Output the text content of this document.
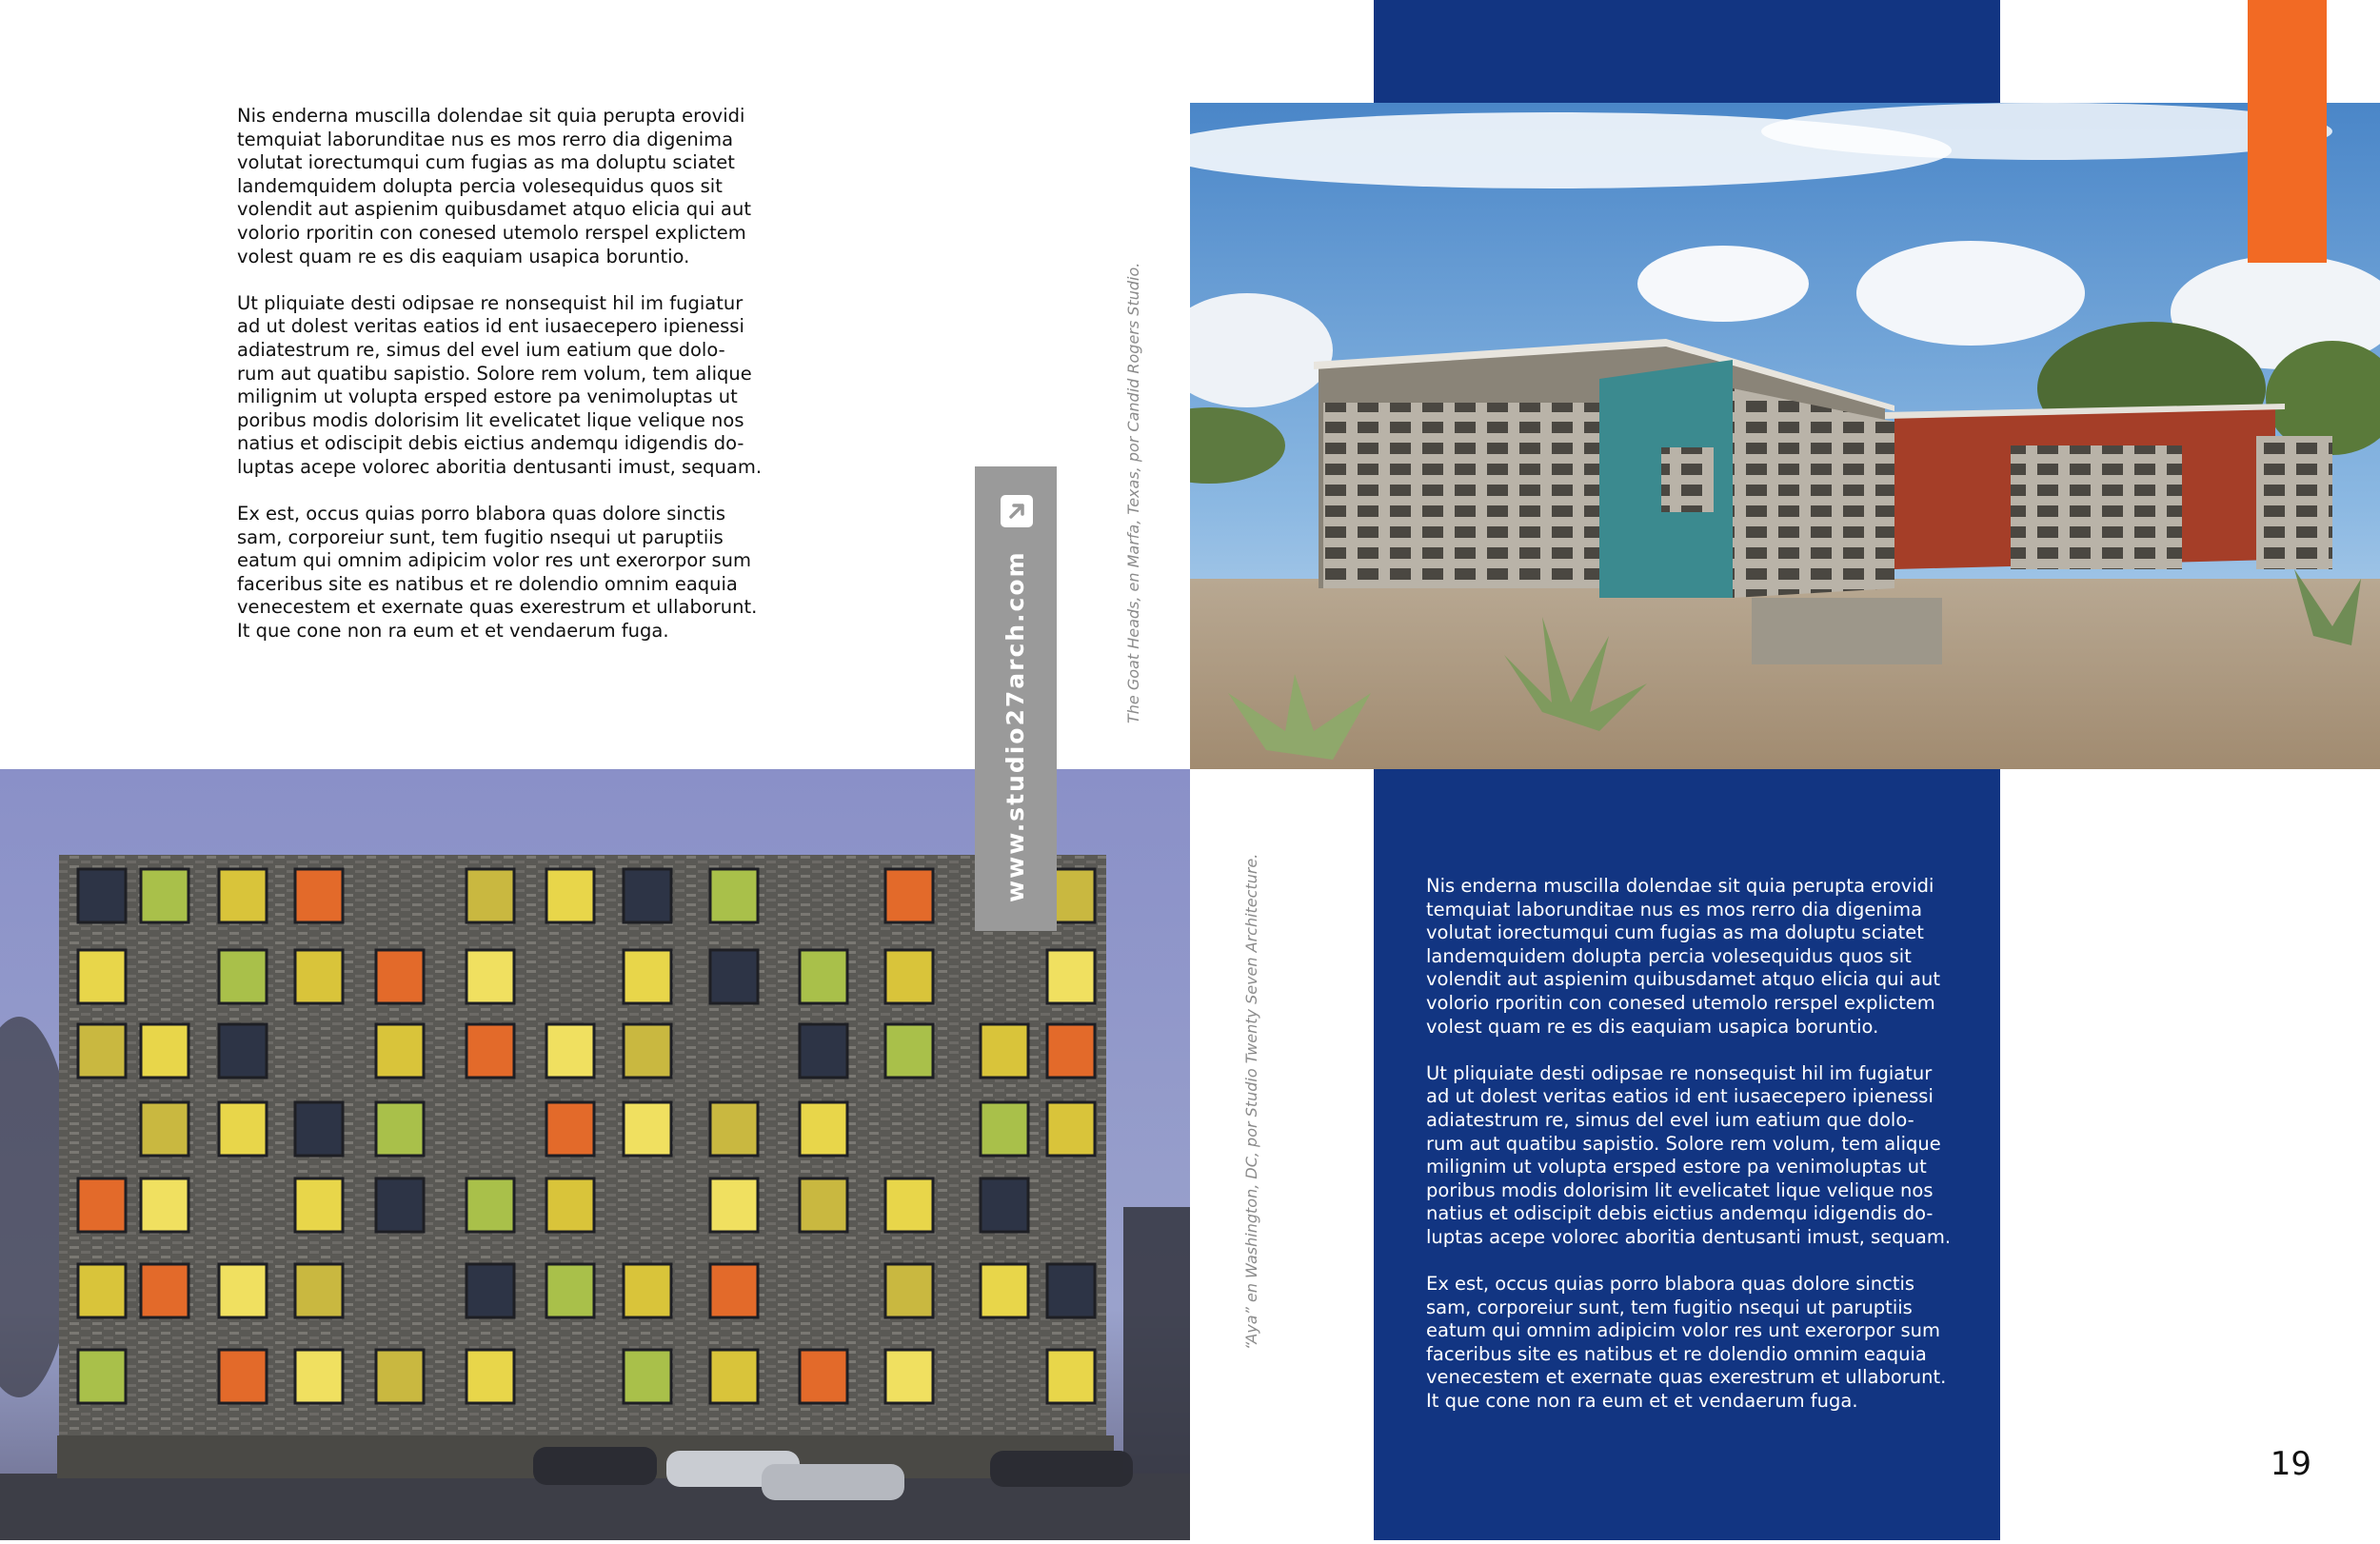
Nis enderna muscilla dolendae sit quia perupta erovidi
temquiat laborunditae nus es mos rerro dia digenima
volutat iorectumqui cum fugias as ma doluptu sciatet
landemquidem dolupta percia volesequidus quos sit
volendit aut aspienim quibusdamet atquo elicia qui aut
volorio rporitin con conesed utemolo rerspel explictem
volest quam re es dis eaquiam usapica boruntio.

Ut pliquiate desti odipsae re nonsequist hil im fugiatur
ad ut dolest veritas eatios id ent iusaecepero ipienessi
adiatestrum re, simus del evel ium eatium que dolo-
rum aut quatibu sapistio. Solore rem volum, tem alique
milignim ut volupta ersped estore pa venimoluptas ut
poribus modis dolorisim lit evelicatet lique velique nos
natius et odiscipit debis eictius andemqu idigendis do-
luptas acepe volorec aboritia dentusanti imust, sequam.

Ex est, occus quias porro blabora quas dolore sinctis
sam, corporeiur sunt, tem fugitio nsequi ut paruptiis
eatum qui omnim adipicim volor res unt exerorpor sum
faceribus site es natibus et re dolendio omnim eaquia
venecestem et exernate quas exerestrum et ullaborunt.
It que cone non ra eum et et vendaerum fuga.

Nis enderna muscilla dolendae sit quia perupta erovidi
temquiat laborunditae nus es mos rerro dia digenima
volutat iorectumqui cum fugias as ma doluptu sciatet
landemquidem dolupta percia volesequidus quos sit
volendit aut aspienim quibusdamet atquo elicia qui aut
volorio rporitin con conesed utemolo rerspel explictem
volest quam re es dis eaquiam usapica boruntio.

Ut pliquiate desti odipsae re nonsequist hil im fugiatur
ad ut dolest veritas eatios id ent iusaecepero ipienessi
adiatestrum re, simus del evel ium eatium que dolo-
rum aut quatibu sapistio. Solore rem volum, tem alique
milignim ut volupta ersped estore pa venimoluptas ut
poribus modis dolorisim lit evelicatet lique velique nos
natius et odiscipit debis eictius andemqu idigendis do-
luptas acepe volorec aboritia dentusanti imust, sequam.

Ex est, occus quias porro blabora quas dolore sinctis
sam, corporeiur sunt, tem fugitio nsequi ut paruptiis
eatum qui omnim adipicim volor res unt exerorpor sum
faceribus site es natibus et re dolendio omnim eaquia
venecestem et exernate quas exerestrum et ullaborunt.
It que cone non ra eum et et vendaerum fuga.

The Goat Heads, en Marfa, Texas, por Candid Rogers Studio.
“Aya” en Washington, DC, por Studio Twenty Seven Architecture.
www.studio27arch.com
19
